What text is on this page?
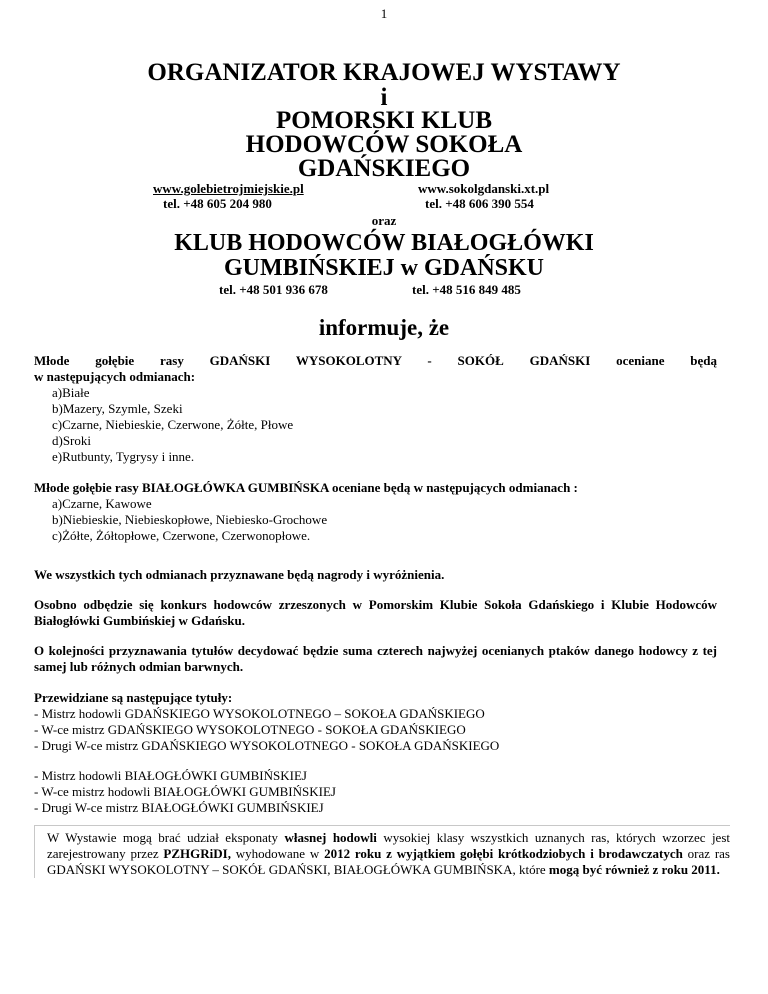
1
ORGANIZATOR KRAJOWEJ WYSTAWY
i
POMORSKI KLUB
HODOWCÓW SOKOŁA
GDAŃSKIEGO
www.golebietrojmiejskie.pl	www.sokolgdanski.xt.pl
tel. +48 605 204 980	tel. +48 606 390 554
oraz
KLUB HODOWCÓW BIAŁOGŁÓWKI
GUMBIŃSKIEJ w GDAŃSKU
tel. +48 501 936 678	tel. +48 516 849 485
informuje, że
Młode gołębie rasy GDAŃSKI WYSOKOLOTNY - SOKÓŁ GDAŃSKI oceniane będą
w następujących odmianach:
a)Białe
b)Mazery, Szymle, Szeki
c)Czarne, Niebieskie, Czerwone, Żółte, Płowe
d)Sroki
e)Rutbunty, Tygrysy i inne.
Młode gołębie rasy BIAŁOGŁÓWKA GUMBIŃSKA oceniane będą w następujących odmianach :
a)Czarne, Kawowe
b)Niebieskie, Niebieskopłowe, Niebiesko-Grochowe
c)Żółte, Żółtopłowe, Czerwone, Czerwonopłowe.
We wszystkich tych odmianach przyznawane będą nagrody i wyróżnienia.
Osobno odbędzie się konkurs hodowców zrzeszonych w Pomorskim Klubie Sokoła Gdańskiego i Klubie Hodowców Białogłówki Gumbińskiej w Gdańsku.
O kolejności przyznawania tytułów decydować będzie suma czterech najwyżej ocenianych ptaków danego hodowcy z tej samej lub różnych odmian barwnych.
Przewidziane są następujące tytuły:
- Mistrz hodowli GDAŃSKIEGO WYSOKOLOTNEGO – SOKOŁA GDAŃSKIEGO
- W-ce mistrz GDAŃSKIEGO WYSOKOLOTNEGO - SOKOŁA GDAŃSKIEGO
- Drugi W-ce mistrz GDAŃSKIEGO WYSOKOLOTNEGO - SOKOŁA GDAŃSKIEGO
- Mistrz hodowli BIAŁOGŁÓWKI GUMBIŃSKIEJ
- W-ce mistrz hodowli BIAŁOGŁÓWKI GUMBIŃSKIEJ
- Drugi W-ce mistrz BIAŁOGŁÓWKI GUMBIŃSKIEJ
W Wystawie mogą brać udział eksponaty własnej hodowli wysokiej klasy wszystkich uznanych ras, których wzorzec jest zarejestrowany przez PZHGRiDI, wyhodowane w 2012 roku z wyjątkiem gołębi krótkodziobych i brodawczatych oraz ras GDAŃSKI WYSOKOLOTNY – SOKÓŁ GDAŃSKI, BIAŁOGŁÓWKA GUMBIŃSKA, które mogą być również z roku 2011.
